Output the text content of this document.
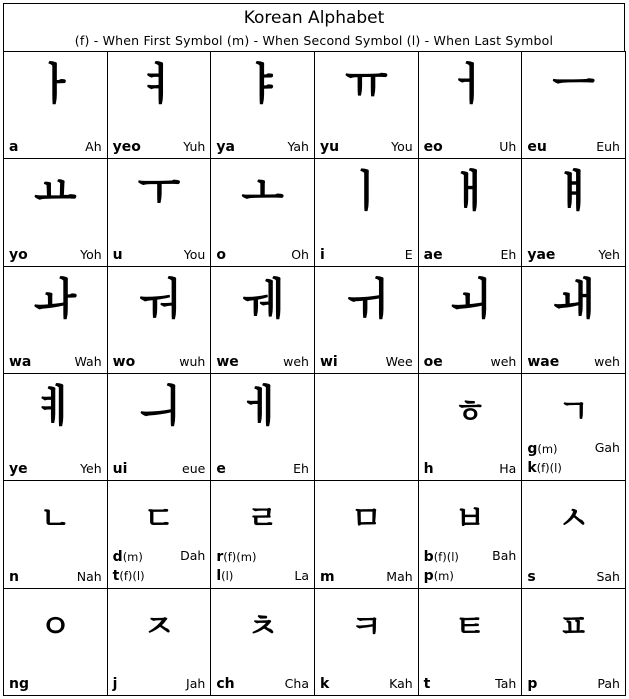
Korean Alphabet
(f) - When First Symbol (m) - When Second Symbol (l) - When Last Symbol
ㅏ
a	Ah
ㅕ
yeo	Yuh
ㅑ
ya	Yah
ㅠ
yu	You
ㅓ
eo	Uh
ㅡ
eu	Euh
ㅛ
yo	Yoh
ㅜ
u	You
ㅗ
o	Oh
ㅣ
i	E
ㅐ
ae	Eh
ㅒ
yae	Yeh
ㅘ
wa	Wah
ㅝ
wo	wuh
ㅞ
we	weh
ㅟ
wi	Wee
ㅚ
oe	weh
ㅙ
wae	weh
ㅖ
ye	Yeh
ㅢ
ui	eue
ㅔ
e	Eh
ㅎ
h	Ha
ㄱ
g(m)	Gah
k(f)(l)
ㄴ
n	Nah
ㄷ
d(m)	Dah
t(f)(l)
ㄹ
r(f)(m)
l(l)	La
ㅁ
m	Mah
ㅂ
b(f)(l)	Bah
p(m)
ㅅ
s	Sah
ㅇ
ng
ㅈ
j	Jah
ㅊ
ch	Cha
ㅋ
k	Kah
ㅌ
t	Tah
ㅍ
p	Pah
